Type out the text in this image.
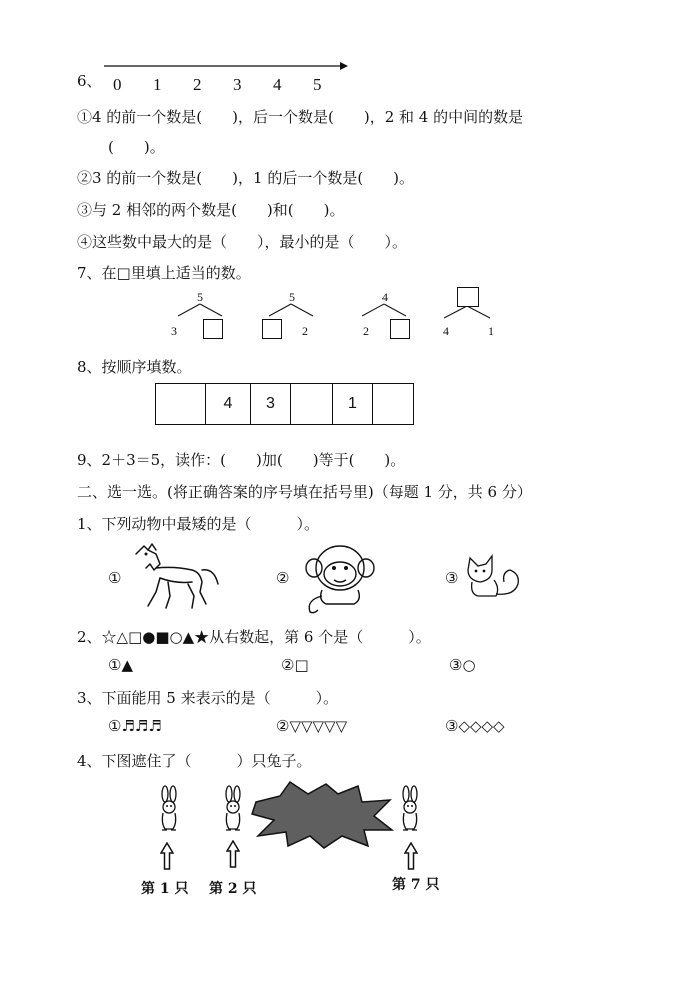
6、 0 1 2 3 4 5
①4 的前一个数是(　　)，后一个数是(　　)，2 和 4 的中间的数是
(　　)。
②3 的前一个数是(　　)，1 的后一个数是(　　)。
③与 2 相邻的两个数是(　　)和(　　)。
④这些数中最大的是（　　），最小的是（　　）。
7、在□里填上适当的数。
5
3
5
2
4
2	4	1
8、按顺序填数。
4	3	1
9、2＋3＝5，读作：(　　)加(　　)等于(　　)。
二、选一选。(将正确答案的序号填在括号里)（每题 1 分，共 6 分）
1、下列动物中最矮的是（　　　）。
①	②	③
2、☆△□●■○▲★从右数起，第 6 个是（　　　）。
①▲	②□	③○
3、下面能用 5 来表示的是（　　　）。
①♬♬♬	②▽▽▽▽▽	③◇◇◇◇
4、下图遮住了（　　　）只兔子。
第 1 只 第 2 只	第 7 只
